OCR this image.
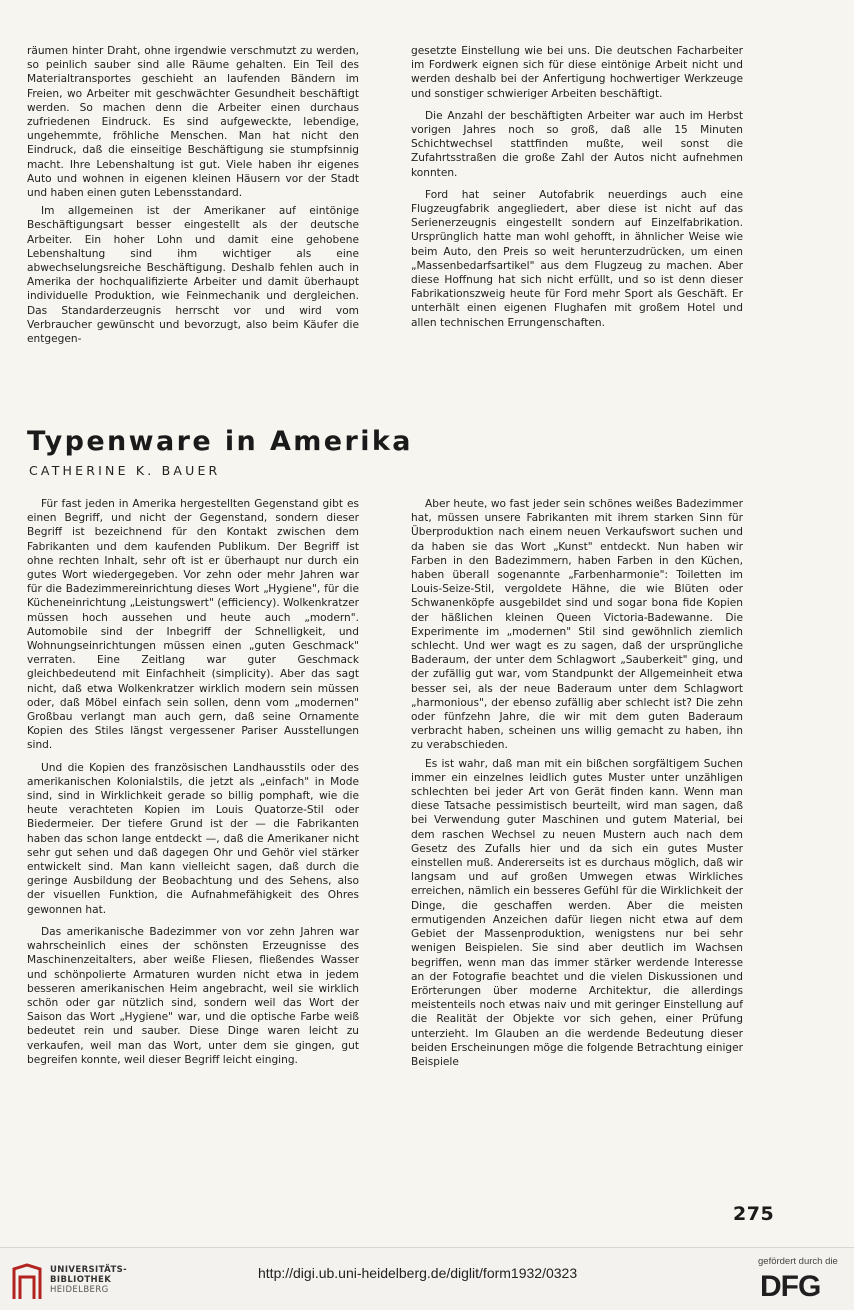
räumen hinter Draht, ohne irgendwie verschmutzt zu werden, so peinlich sauber sind alle Räume gehalten. Ein Teil des Materialtransportes geschieht an laufenden Bändern im Freien, wo Arbeiter mit geschwächter Gesundheit beschäftigt werden. So machen denn die Arbeiter einen durchaus zufriedenen Eindruck. Es sind aufgeweckte, lebendige, ungehemmte, fröhliche Menschen. Man hat nicht den Eindruck, daß die einseitige Beschäftigung sie stumpfsinnig macht. Ihre Lebenshaltung ist gut. Viele haben ihr eigenes Auto und wohnen in eigenen kleinen Häusern vor der Stadt und haben einen guten Lebensstandard.

Im allgemeinen ist der Amerikaner auf eintönige Beschäftigungsart besser eingestellt als der deutsche Arbeiter. Ein hoher Lohn und damit eine gehobene Lebenshaltung sind ihm wichtiger als eine abwechselungsreiche Beschäftigung. Deshalb fehlen auch in Amerika der hochqualifizierte Arbeiter und damit überhaupt individuelle Produktion, wie Feinmechanik und dergleichen. Das Standarderzeugnis herrscht vor und wird vom Verbraucher gewünscht und bevorzugt, also beim Käufer die entgegen-

gesetzte Einstellung wie bei uns. Die deutschen Facharbeiter im Fordwerk eignen sich für diese eintönige Arbeit nicht und werden deshalb bei der Anfertigung hochwertiger Werkzeuge und sonstiger schwieriger Arbeiten beschäftigt.

Die Anzahl der beschäftigten Arbeiter war auch im Herbst vorigen Jahres noch so groß, daß alle 15 Minuten Schichtwechsel stattfinden mußte, weil sonst die Zufahrtsstraßen die große Zahl der Autos nicht aufnehmen konnten.

Ford hat seiner Autofabrik neuerdings auch eine Flugzeugfabrik angegliedert, aber diese ist nicht auf das Serienerzeugnis eingestellt sondern auf Einzelfabrikation. Ursprünglich hatte man wohl gehofft, in ähnlicher Weise wie beim Auto, den Preis so weit herunterzudrücken, um einen „Massenbedarfsartikel" aus dem Flugzeug zu machen. Aber diese Hoffnung hat sich nicht erfüllt, und so ist denn dieser Fabrikationszweig heute für Ford mehr Sport als Geschäft. Er unterhält einen eigenen Flughafen mit großem Hotel und allen technischen Errungenschaften.

Typenware in Amerika
CATHERINE K. BAUER

Für fast jeden in Amerika hergestellten Gegenstand gibt es einen Begriff, und nicht der Gegenstand, sondern dieser Begriff ist bezeichnend für den Kontakt zwischen dem Fabrikanten und dem kaufenden Publikum. Der Begriff ist ohne rechten Inhalt, sehr oft ist er überhaupt nur durch ein gutes Wort wiedergegeben. Vor zehn oder mehr Jahren war für die Badezimmereinrichtung dieses Wort „Hygiene", für die Kücheneinrichtung „Leistungswert" (efficiency). Wolkenkratzer müssen hoch aussehen und heute auch „modern". Automobile sind der Inbegriff der Schnelligkeit, und Wohnungseinrichtungen müssen einen „guten Geschmack" verraten. Eine Zeitlang war guter Geschmack gleichbedeutend mit Einfachheit (simplicity). Aber das sagt nicht, daß etwa Wolkenkratzer wirklich modern sein müssen oder, daß Möbel einfach sein sollen, denn vom „modernen" Großbau verlangt man auch gern, daß seine Ornamente Kopien des Stiles längst vergessener Pariser Ausstellungen sind.

Und die Kopien des französischen Landhausstils oder des amerikanischen Kolonialstils, die jetzt als „einfach" in Mode sind, sind in Wirklichkeit gerade so billig pomphaft, wie die heute verachteten Kopien im Louis Quatorze-Stil oder Biedermeier. Der tiefere Grund ist der — die Fabrikanten haben das schon lange entdeckt —, daß die Amerikaner nicht sehr gut sehen und daß dagegen Ohr und Gehör viel stärker entwickelt sind. Man kann vielleicht sagen, daß durch die geringe Ausbildung der Beobachtung und des Sehens, also der visuellen Funktion, die Aufnahmefähigkeit des Ohres gewonnen hat.

Das amerikanische Badezimmer von vor zehn Jahren war wahrscheinlich eines der schönsten Erzeugnisse des Maschinenzeitalters, aber weiße Fliesen, fließendes Wasser und schönpolierte Armaturen wurden nicht etwa in jedem besseren amerikanischen Heim angebracht, weil sie wirklich schön oder gar nützlich sind, sondern weil das Wort der Saison das Wort „Hygiene" war, und die optische Farbe weiß bedeutet rein und sauber. Diese Dinge waren leicht zu verkaufen, weil man das Wort, unter dem sie gingen, gut begreifen konnte, weil dieser Begriff leicht einging.

Aber heute, wo fast jeder sein schönes weißes Badezimmer hat, müssen unsere Fabrikanten mit ihrem starken Sinn für Überproduktion nach einem neuen Verkaufswort suchen und da haben sie das Wort „Kunst" entdeckt. Nun haben wir Farben in den Badezimmern, haben Farben in den Küchen, haben überall sogenannte „Farbenharmonie": Toiletten im Louis-Seize-Stil, vergoldete Hähne, die wie Blüten oder Schwanenköpfe ausgebildet sind und sogar bona fide Kopien der häßlichen kleinen Queen Victoria-Badewanne. Die Experimente im „modernen" Stil sind gewöhnlich ziemlich schlecht. Und wer wagt es zu sagen, daß der ursprüngliche Baderaum, der unter dem Schlagwort „Sauberkeit" ging, und der zufällig gut war, vom Standpunkt der Allgemeinheit etwa besser sei, als der neue Baderaum unter dem Schlagwort „harmonious", der ebenso zufällig aber schlecht ist? Die zehn oder fünfzehn Jahre, die wir mit dem guten Baderaum verbracht haben, scheinen uns willig gemacht zu haben, ihn zu verabschieden.

Es ist wahr, daß man mit ein bißchen sorgfältigem Suchen immer ein einzelnes leidlich gutes Muster unter unzähligen schlechten bei jeder Art von Gerät finden kann. Wenn man diese Tatsache pessimistisch beurteilt, wird man sagen, daß bei Verwendung guter Maschinen und gutem Material, bei dem raschen Wechsel zu neuen Mustern auch nach dem Gesetz des Zufalls hier und da sich ein gutes Muster einstellen muß. Andererseits ist es durchaus möglich, daß wir langsam und auf großen Umwegen etwas Wirkliches erreichen, nämlich ein besseres Gefühl für die Wirklichkeit der Dinge, die geschaffen werden. Aber die meisten ermutigenden Anzeichen dafür liegen nicht etwa auf dem Gebiet der Massenproduktion, wenigstens nur bei sehr wenigen Beispielen. Sie sind aber deutlich im Wachsen begriffen, wenn man das immer stärker werdende Interesse an der Fotografie beachtet und die vielen Diskussionen und Erörterungen über moderne Architektur, die allerdings meistenteils noch etwas naiv und mit geringer Einstellung auf die Realität der Objekte vor sich gehen, einer Prüfung unterzieht. Im Glauben an die werdende Bedeutung dieser beiden Erscheinungen möge die folgende Betrachtung einiger Beispiele

275
UNIVERSITÄTS-
BIBLIOTHEK
HEIDELBERG
http://digi.ub.uni-heidelberg.de/diglit/form1932/0323
gefördert durch die
DFG
